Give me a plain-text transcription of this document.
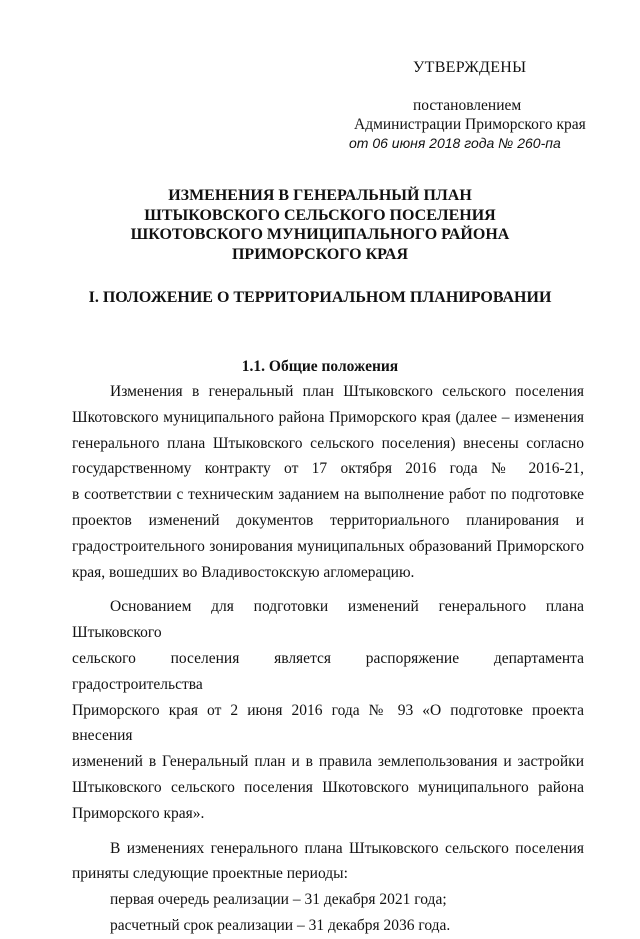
УТВЕРЖДЕНЫ
постановлением
Администрации Приморского края
от 06 июня 2018 года № 260-па
ИЗМЕНЕНИЯ В ГЕНЕРАЛЬНЫЙ ПЛАН
ШТЫКОВСКОГО СЕЛЬСКОГО ПОСЕЛЕНИЯ
ШКОТОВСКОГО МУНИЦИПАЛЬНОГО РАЙОНА
ПРИМОРСКОГО КРАЯ
I. ПОЛОЖЕНИЕ О ТЕРРИТОРИАЛЬНОМ ПЛАНИРОВАНИИ
1.1. Общие положения

Изменения в генеральный план Штыковского сельского поселения
Шкотовского муниципального района Приморского края (далее – изменения
генерального плана Штыковского сельского поселения) внесены согласно
государственному контракту от 17 октября 2016 года № 2016-21,
в соответствии с техническим заданием на выполнение работ по подготовке
проектов изменений документов территориального планирования и
градостроительного зонирования муниципальных образований Приморского
края, вошедших во Владивостокскую агломерацию.

Основанием для подготовки изменений генерального плана Штыковского
сельского поселения является распоряжение департамента градостроительства
Приморского края от 2 июня 2016 года № 93 «О подготовке проекта внесения
изменений в Генеральный план и в правила землепользования и застройки
Штыковского сельского поселения Шкотовского муниципального района
Приморского края».

В изменениях генерального плана Штыковского сельского поселения
приняты следующие проектные периоды:

первая очередь реализации – 31 декабря 2021 года;

расчетный срок реализации – 31 декабря 2036 года.
